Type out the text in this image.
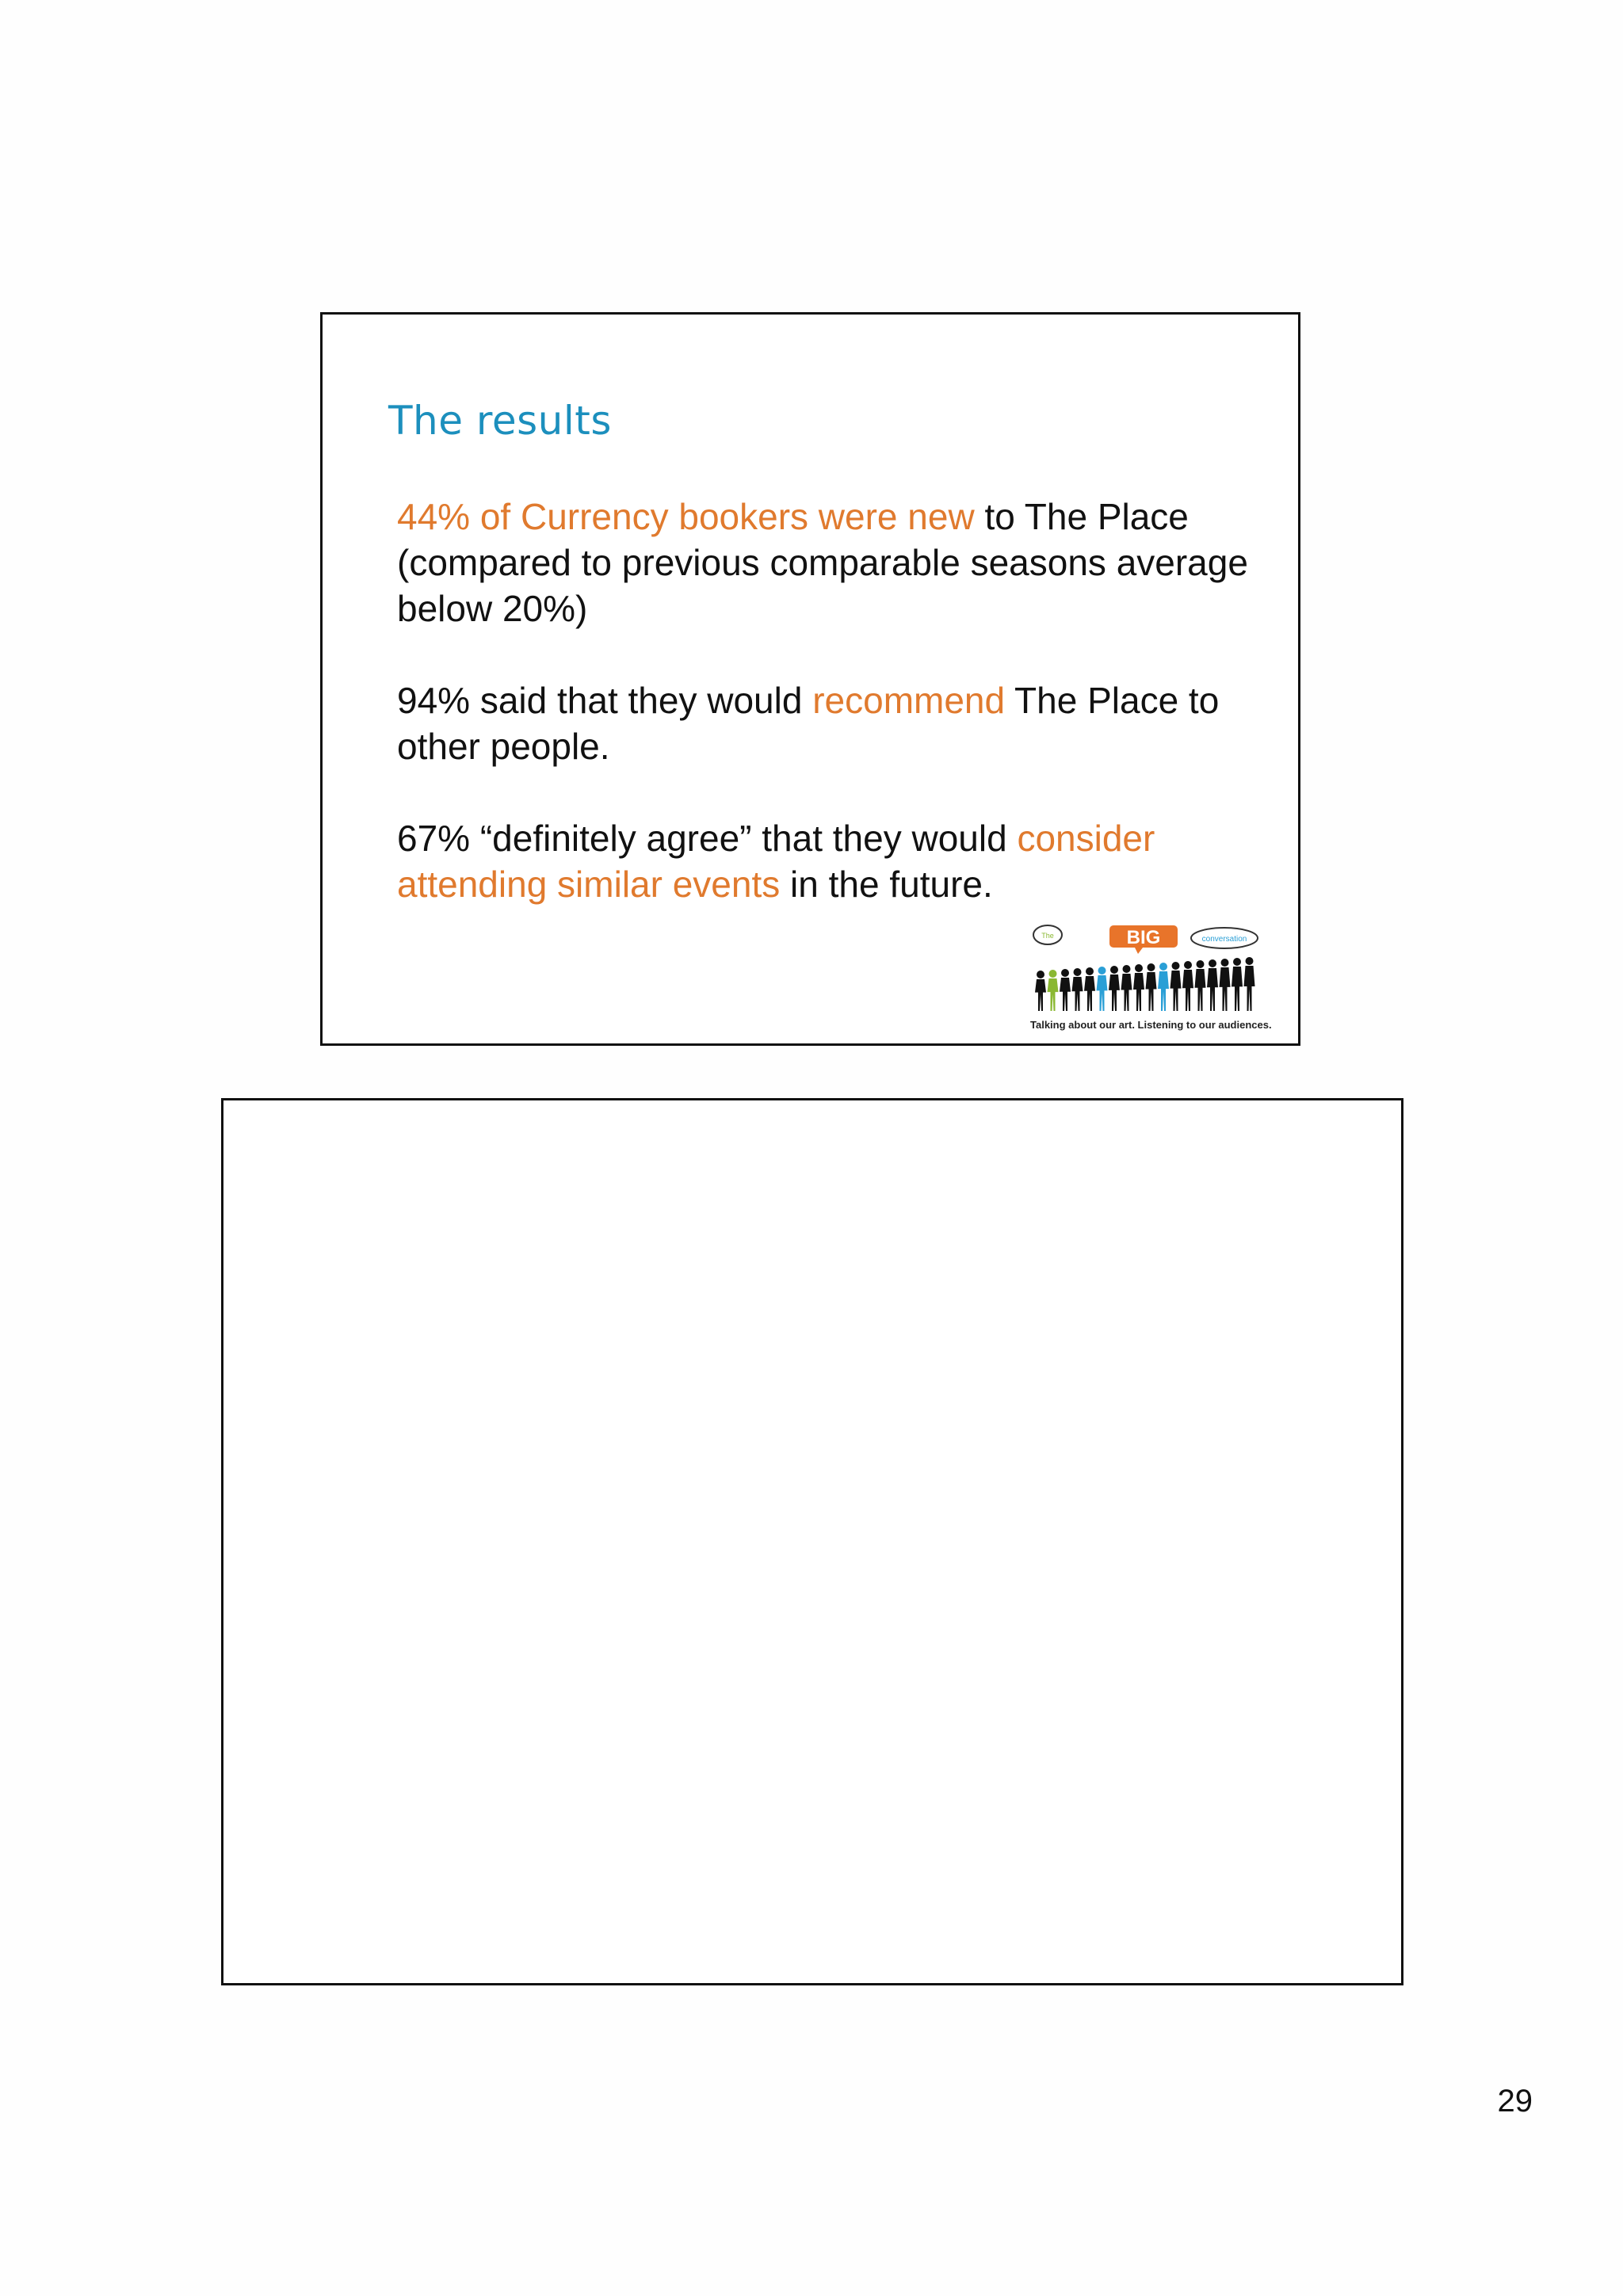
The results

44% of Currency bookers were new to The Place (compared to previous comparable seasons average below 20%)

94% said that they would recommend The Place to other people.

67% “definitely agree” that they would consider attending similar events in the future.

The	BIG	conversation
Talking about our art. Listening to our audiences.
29
